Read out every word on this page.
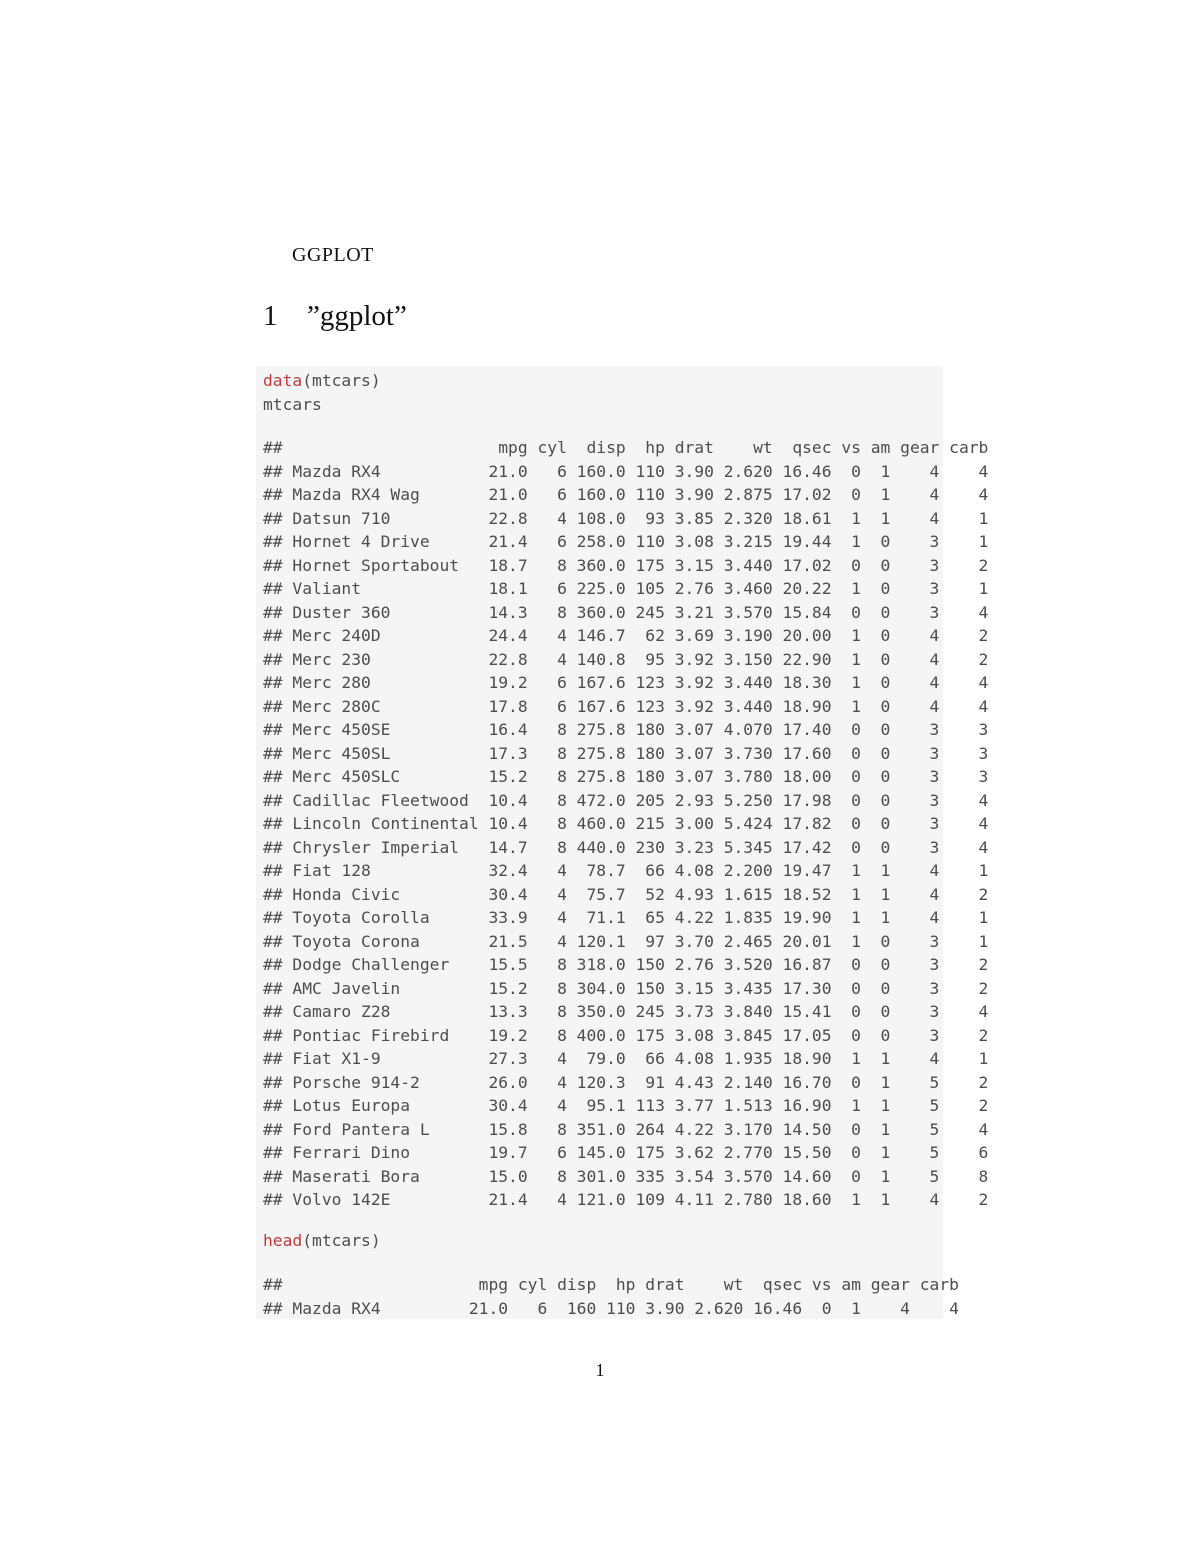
GGPLOT
1 ”ggplot”
data(mtcars)
mtcars
##                      mpg cyl  disp  hp drat    wt  qsec vs am gear carb
## Mazda RX4           21.0   6 160.0 110 3.90 2.620 16.46  0  1    4    4
## Mazda RX4 Wag       21.0   6 160.0 110 3.90 2.875 17.02  0  1    4    4
## Datsun 710          22.8   4 108.0  93 3.85 2.320 18.61  1  1    4    1
## Hornet 4 Drive      21.4   6 258.0 110 3.08 3.215 19.44  1  0    3    1
## Hornet Sportabout   18.7   8 360.0 175 3.15 3.440 17.02  0  0    3    2
## Valiant             18.1   6 225.0 105 2.76 3.460 20.22  1  0    3    1
## Duster 360          14.3   8 360.0 245 3.21 3.570 15.84  0  0    3    4
## Merc 240D           24.4   4 146.7  62 3.69 3.190 20.00  1  0    4    2
## Merc 230            22.8   4 140.8  95 3.92 3.150 22.90  1  0    4    2
## Merc 280            19.2   6 167.6 123 3.92 3.440 18.30  1  0    4    4
## Merc 280C           17.8   6 167.6 123 3.92 3.440 18.90  1  0    4    4
## Merc 450SE          16.4   8 275.8 180 3.07 4.070 17.40  0  0    3    3
## Merc 450SL          17.3   8 275.8 180 3.07 3.730 17.60  0  0    3    3
## Merc 450SLC         15.2   8 275.8 180 3.07 3.780 18.00  0  0    3    3
## Cadillac Fleetwood  10.4   8 472.0 205 2.93 5.250 17.98  0  0    3    4
## Lincoln Continental 10.4   8 460.0 215 3.00 5.424 17.82  0  0    3    4
## Chrysler Imperial   14.7   8 440.0 230 3.23 5.345 17.42  0  0    3    4
## Fiat 128            32.4   4  78.7  66 4.08 2.200 19.47  1  1    4    1
## Honda Civic         30.4   4  75.7  52 4.93 1.615 18.52  1  1    4    2
## Toyota Corolla      33.9   4  71.1  65 4.22 1.835 19.90  1  1    4    1
## Toyota Corona       21.5   4 120.1  97 3.70 2.465 20.01  1  0    3    1
## Dodge Challenger    15.5   8 318.0 150 2.76 3.520 16.87  0  0    3    2
## AMC Javelin         15.2   8 304.0 150 3.15 3.435 17.30  0  0    3    2
## Camaro Z28          13.3   8 350.0 245 3.73 3.840 15.41  0  0    3    4
## Pontiac Firebird    19.2   8 400.0 175 3.08 3.845 17.05  0  0    3    2
## Fiat X1-9           27.3   4  79.0  66 4.08 1.935 18.90  1  1    4    1
## Porsche 914-2       26.0   4 120.3  91 4.43 2.140 16.70  0  1    5    2
## Lotus Europa        30.4   4  95.1 113 3.77 1.513 16.90  1  1    5    2
## Ford Pantera L      15.8   8 351.0 264 4.22 3.170 14.50  0  1    5    4
## Ferrari Dino        19.7   6 145.0 175 3.62 2.770 15.50  0  1    5    6
## Maserati Bora       15.0   8 301.0 335 3.54 3.570 14.60  0  1    5    8
## Volvo 142E          21.4   4 121.0 109 4.11 2.780 18.60  1  1    4    2
head(mtcars)
##                    mpg cyl disp  hp drat    wt  qsec vs am gear carb
## Mazda RX4         21.0   6  160 110 3.90 2.620 16.46  0  1    4    4
1
